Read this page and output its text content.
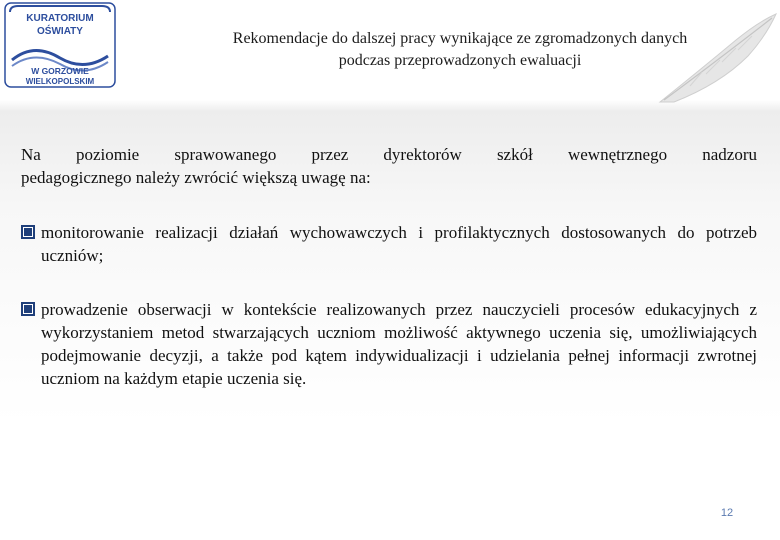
KURATORIUM
OŚWIATY
W GORZOWIE
WIELKOPOLSKIM
Rekomendacje do dalszej pracy wynikające ze zgromadzonych danych
podczas przeprowadzonych ewaluacji
Na poziomie sprawowanego przez dyrektorów szkół wewnętrznego nadzoru
pedagogicznego należy zwrócić większą uwagę na:
monitorowanie realizacji działań wychowawczych i profilaktycznych dostosowanych do potrzeb uczniów;
prowadzenie obserwacji w kontekście realizowanych przez nauczycieli procesów edukacyjnych z wykorzystaniem metod stwarzających uczniom możliwość aktywnego uczenia się, umożliwiających podejmowanie decyzji, a także pod kątem indywidualizacji i udzielania pełnej informacji zwrotnej uczniom na każdym etapie uczenia się.
12
